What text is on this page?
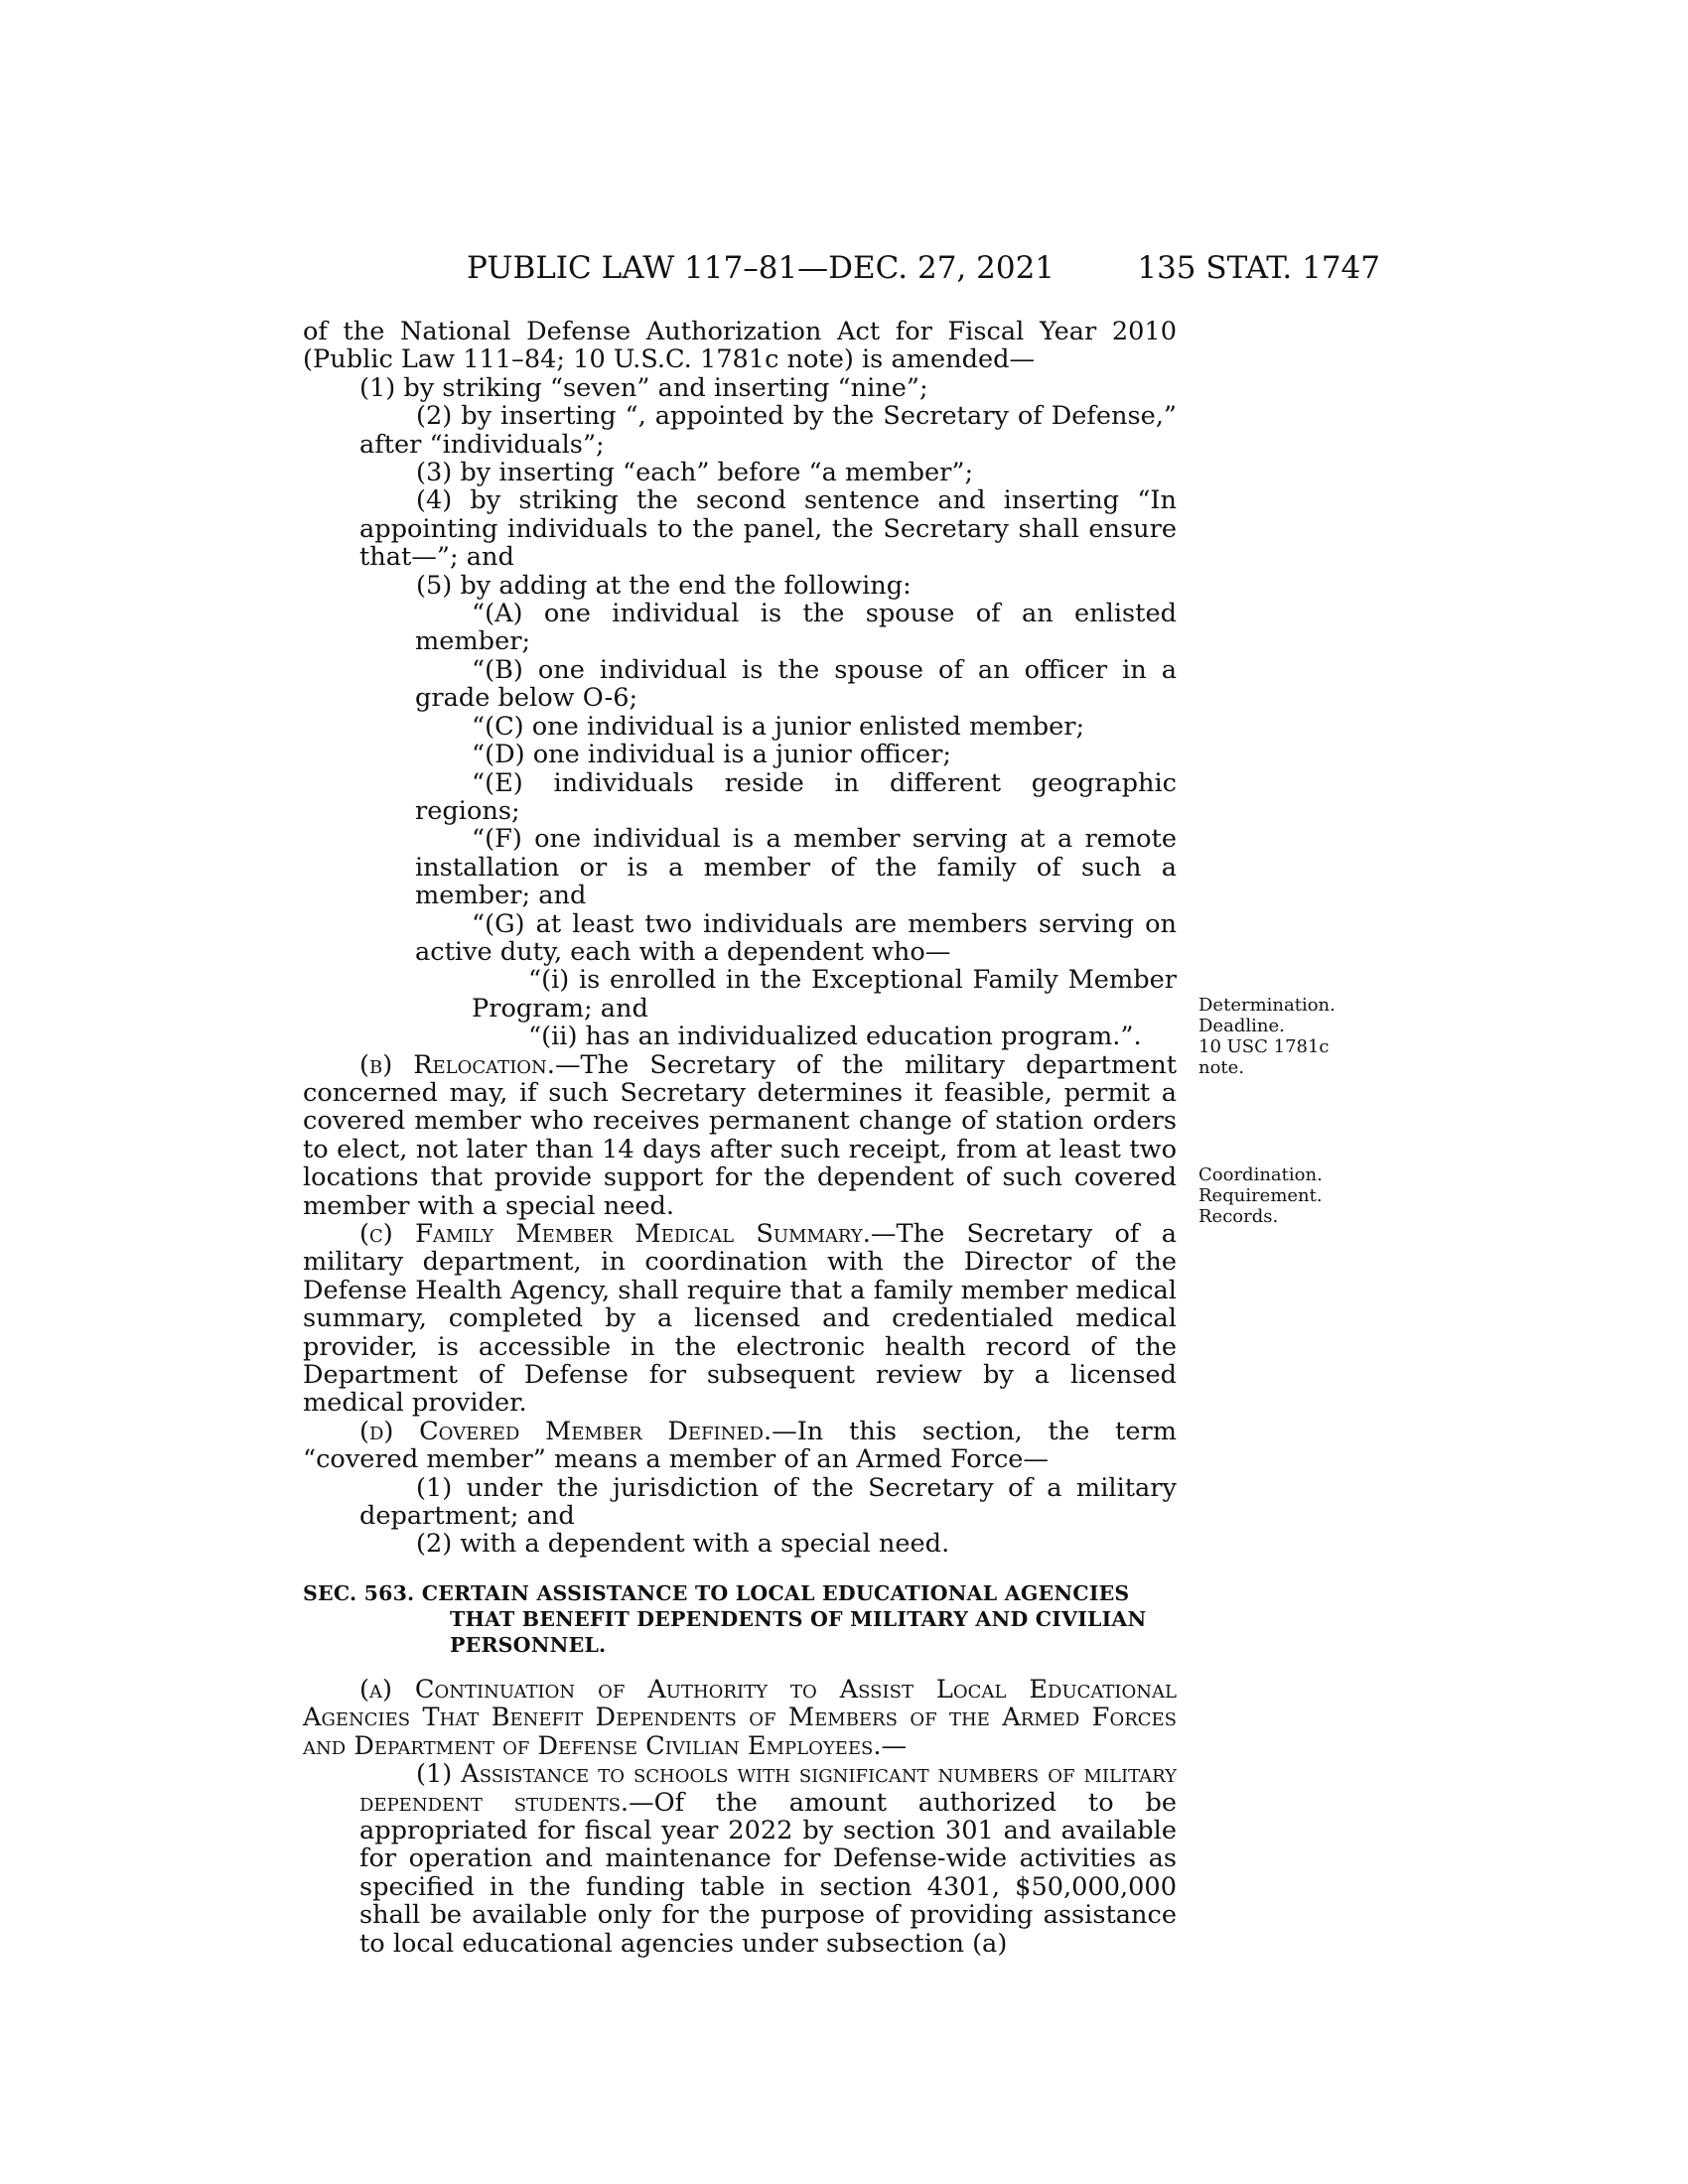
PUBLIC LAW 117–81—DEC. 27, 2021	135 STAT. 1747

of the National Defense Authorization Act for Fiscal Year 2010 (Public Law 111–84; 10 U.S.C. 1781c note) is amended—

(1) by striking “seven” and inserting “nine”;

(2) by inserting “, appointed by the Secretary of Defense,” after “individuals”;

(3) by inserting “each” before “a member”;

(4) by striking the second sentence and inserting “In appointing individuals to the panel, the Secretary shall ensure that—”; and

(5) by adding at the end the following:

“(A) one individual is the spouse of an enlisted member;

“(B) one individual is the spouse of an officer in a grade below O-6;

“(C) one individual is a junior enlisted member;

“(D) one individual is a junior officer;

“(E) individuals reside in different geographic regions;

“(F) one individual is a member serving at a remote installation or is a member of the family of such a member; and

“(G) at least two individuals are members serving on active duty, each with a dependent who—

“(i) is enrolled in the Exceptional Family Member Program; and

“(ii) has an individualized education program.”.

(b) Relocation.—The Secretary of the military department concerned may, if such Secretary determines it feasible, permit a covered member who receives permanent change of station orders to elect, not later than 14 days after such receipt, from at least two locations that provide support for the dependent of such covered member with a special need.

(c) Family Member Medical Summary.—The Secretary of a military department, in coordination with the Director of the Defense Health Agency, shall require that a family member medical summary, completed by a licensed and credentialed medical provider, is accessible in the electronic health record of the Department of Defense for subsequent review by a licensed medical provider.

(d) Covered Member Defined.—In this section, the term “covered member” means a member of an Armed Force—

(1) under the jurisdiction of the Secretary of a military department; and

(2) with a dependent with a special need.

SEC. 563. CERTAIN ASSISTANCE TO LOCAL EDUCATIONAL AGENCIES THAT BENEFIT DEPENDENTS OF MILITARY AND CIVILIAN PERSONNEL.

(a) Continuation of Authority to Assist Local Educational Agencies That Benefit Dependents of Members of the Armed Forces and Department of Defense Civilian Employees.—

(1) Assistance to schools with significant numbers of military dependent students.—Of the amount authorized to be appropriated for fiscal year 2022 by section 301 and available for operation and maintenance for Defense-wide activities as specified in the funding table in section 4301, $50,000,000 shall be available only for the purpose of providing assistance to local educational agencies under subsection (a)

Determination.
Deadline.
10 USC 1781c
note.
Coordination.
Requirement.
Records.
